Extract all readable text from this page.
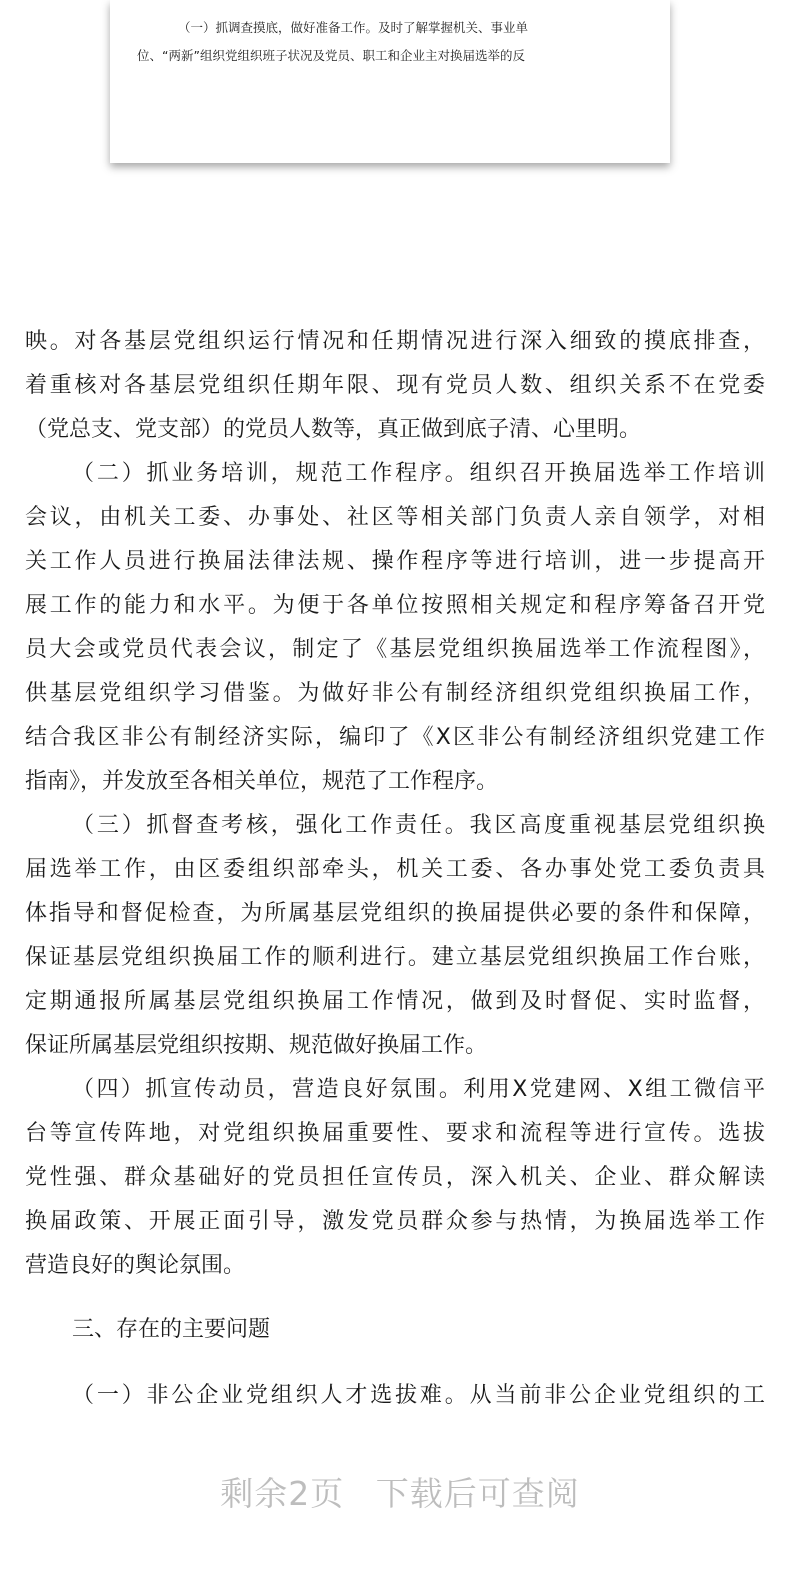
（一）抓调查摸底，做好准备工作。及时了解掌握机关、事业单
位、“两新”组织党组织班子状况及党员、职工和企业主对换届选举的反
映。对各基层党组织运行情况和任期情况进行深入细致的摸底排查，
着重核对各基层党组织任期年限、现有党员人数、组织关系不在党委
（党总支、党支部）的党员人数等，真正做到底子清、心里明。
（二）抓业务培训，规范工作程序。组织召开换届选举工作培训
会议，由机关工委、办事处、社区等相关部门负责人亲自领学，对相
关工作人员进行换届法律法规、操作程序等进行培训，进一步提高开
展工作的能力和水平。为便于各单位按照相关规定和程序筹备召开党
员大会或党员代表会议，制定了《基层党组织换届选举工作流程图》，
供基层党组织学习借鉴。为做好非公有制经济组织党组织换届工作，
结合我区非公有制经济实际，编印了《X区非公有制经济组织党建工作
指南》，并发放至各相关单位，规范了工作程序。
（三）抓督查考核，强化工作责任。我区高度重视基层党组织换
届选举工作，由区委组织部牵头，机关工委、各办事处党工委负责具
体指导和督促检查，为所属基层党组织的换届提供必要的条件和保障，
保证基层党组织换届工作的顺利进行。建立基层党组织换届工作台账，
定期通报所属基层党组织换届工作情况，做到及时督促、实时监督，
保证所属基层党组织按期、规范做好换届工作。
（四）抓宣传动员，营造良好氛围。利用X党建网、X组工微信平
台等宣传阵地，对党组织换届重要性、要求和流程等进行宣传。选拔
党性强、群众基础好的党员担任宣传员，深入机关、企业、群众解读
换届政策、开展正面引导，激发党员群众参与热情，为换届选举工作
营造良好的舆论氛围。
三、存在的主要问题
（一）非公企业党组织人才选拔难。从当前非公企业党组织的工
剩余2页 下载后可查阅
